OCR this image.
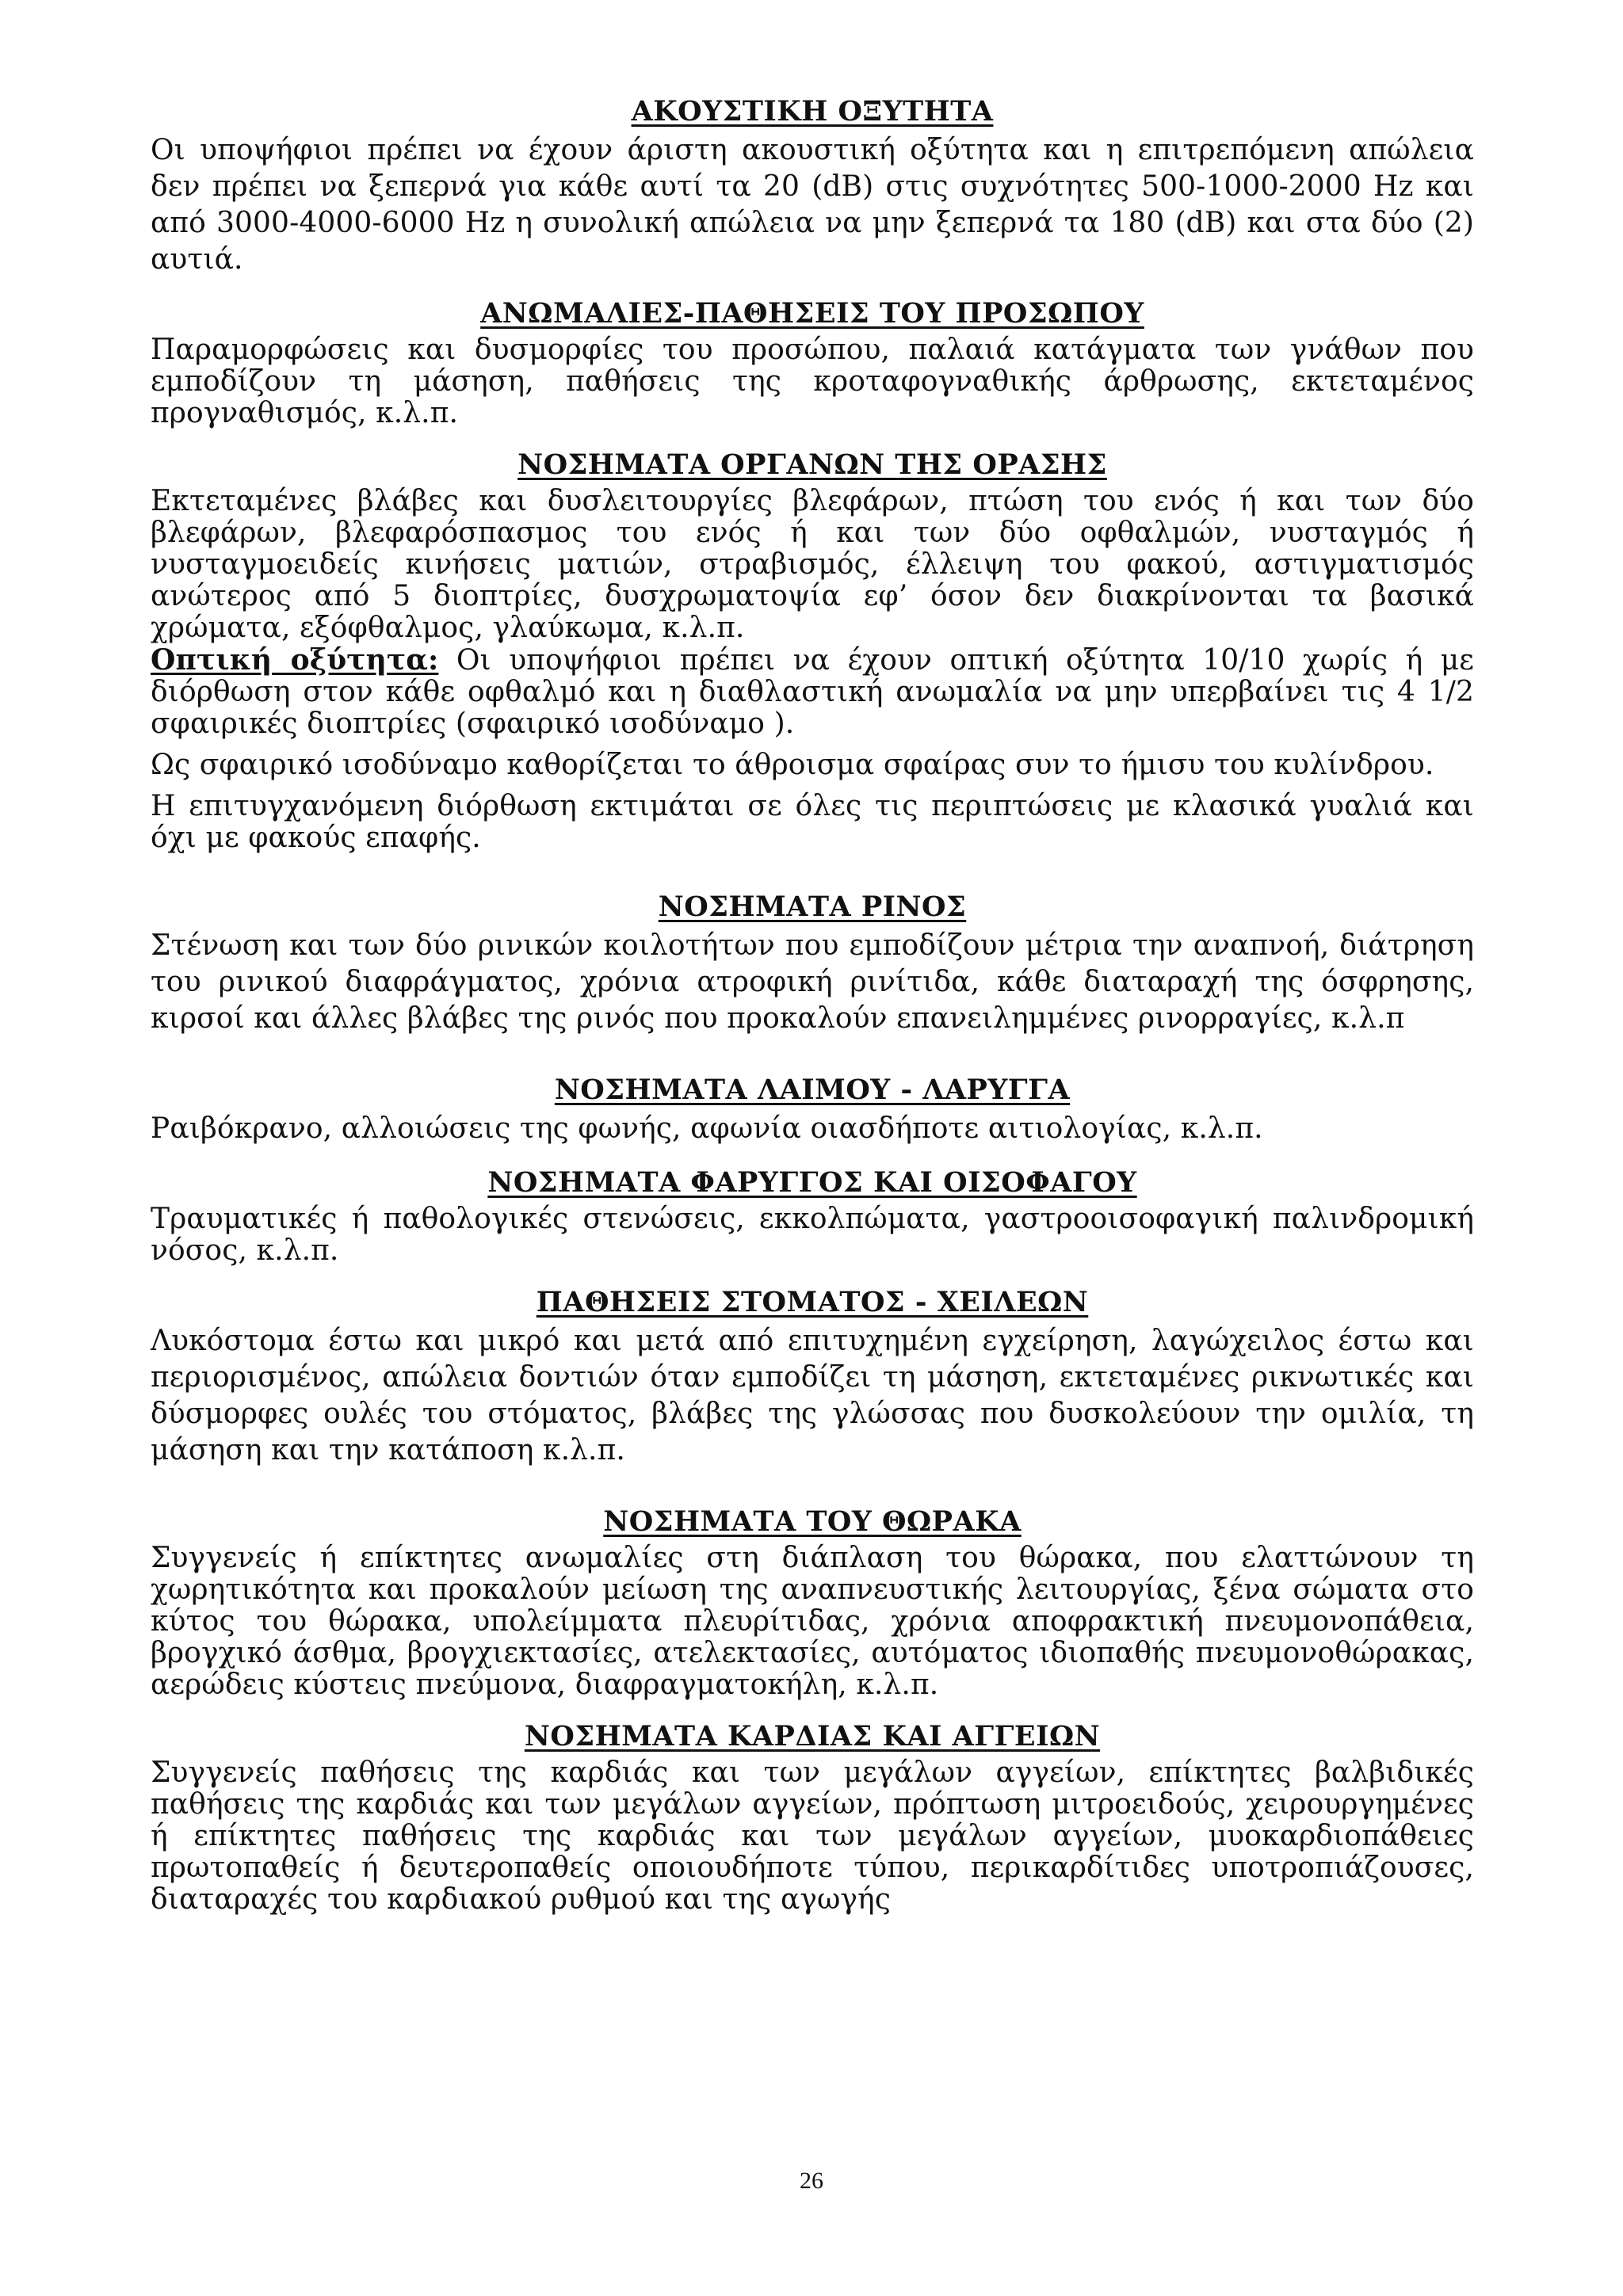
ΑΚΟΥΣΤΙΚΗ ΟΞΥΤΗΤΑ

Οι υποψήφιοι πρέπει να έχουν άριστη ακουστική οξύτητα και η επιτρεπόμενη απώλεια δεν πρέπει να ξεπερνά για κάθε αυτί τα 20 (dB) στις συχνότητες 500-1000-2000 Hz και από 3000-4000-6000 Hz η συνολική απώλεια να μην ξεπερνά τα 180 (dB) και στα δύο (2) αυτιά.

ΑΝΩΜΑΛΙΕΣ-ΠΑΘΗΣΕΙΣ ΤΟΥ ΠΡΟΣΩΠΟΥ

Παραμορφώσεις και δυσμορφίες του προσώπου, παλαιά κατάγματα των γνάθων που εμποδίζουν τη μάσηση, παθήσεις της κροταφογναθικής άρθρωσης, εκτεταμένος προγναθισμός, κ.λ.π.

ΝΟΣΗΜΑΤΑ ΟΡΓΑΝΩΝ ΤΗΣ ΟΡΑΣΗΣ

Εκτεταμένες βλάβες και δυσλειτουργίες βλεφάρων, πτώση του ενός ή και των δύο βλεφάρων, βλεφαρόσπασμος του ενός ή και των δύο οφθαλμών, νυσταγμός ή νυσταγμοειδείς κινήσεις ματιών, στραβισμός, έλλειψη του φακού, αστιγματισμός ανώτερος από 5 διοπτρίες, δυσχρωματοψία εφ’ όσον δεν διακρίνονται τα βασικά χρώματα, εξόφθαλμος, γλαύκωμα, κ.λ.π.

Οπτική οξύτητα: Οι υποψήφιοι πρέπει να έχουν οπτική οξύτητα 10/10 χωρίς ή με διόρθωση στον κάθε οφθαλμό και η διαθλαστική ανωμαλία να μην υπερβαίνει τις 4 1/2 σφαιρικές διοπτρίες (σφαιρικό ισοδύναμο ).

Ως σφαιρικό ισοδύναμο καθορίζεται το άθροισμα σφαίρας συν το ήμισυ του κυλίνδρου.

Η επιτυγχανόμενη διόρθωση εκτιμάται σε όλες τις περιπτώσεις με κλασικά γυαλιά και όχι με φακούς επαφής.

ΝΟΣΗΜΑΤΑ ΡΙΝΟΣ

Στένωση και των δύο ρινικών κοιλοτήτων που εμποδίζουν μέτρια την αναπνοή, διάτρηση του ρινικού διαφράγματος, χρόνια ατροφική ρινίτιδα, κάθε διαταραχή της όσφρησης, κιρσοί και άλλες βλάβες της ρινός που προκαλούν επανειλημμένες ρινορραγίες, κ.λ.π

ΝΟΣΗΜΑΤΑ ΛΑΙΜΟΥ - ΛΑΡΥΓΓΑ

Ραιβόκρανο, αλλοιώσεις της φωνής, αφωνία οιασδήποτε αιτιολογίας, κ.λ.π.

ΝΟΣΗΜΑΤΑ ΦΑΡΥΓΓΟΣ ΚΑΙ ΟΙΣΟΦΑΓΟΥ

Τραυματικές ή παθολογικές στενώσεις, εκκολπώματα, γαστροοισοφαγική παλινδρομική νόσος, κ.λ.π.

ΠΑΘΗΣΕΙΣ ΣΤΟΜΑΤΟΣ - ΧΕΙΛΕΩΝ

Λυκόστομα έστω και μικρό και μετά από επιτυχημένη εγχείρηση, λαγώχειλος έστω και περιορισμένος, απώλεια δοντιών όταν εμποδίζει τη μάσηση, εκτεταμένες ρικνωτικές και δύσμορφες ουλές του στόματος, βλάβες της γλώσσας που δυσκολεύουν την ομιλία, τη μάσηση και την κατάποση κ.λ.π.

ΝΟΣΗΜΑΤΑ ΤΟΥ ΘΩΡΑΚΑ

Συγγενείς ή επίκτητες ανωμαλίες στη διάπλαση του θώρακα, που ελαττώνουν τη χωρητικότητα και προκαλούν μείωση της αναπνευστικής λειτουργίας, ξένα σώματα στο κύτος του θώρακα, υπολείμματα πλευρίτιδας, χρόνια αποφρακτική πνευμονοπάθεια, βρογχικό άσθμα, βρογχιεκτασίες, ατελεκτασίες, αυτόματος ιδιοπαθής πνευμονοθώρακας, αερώδεις κύστεις πνεύμονα, διαφραγματοκήλη, κ.λ.π.

ΝΟΣΗΜΑΤΑ ΚΑΡΔΙΑΣ ΚΑΙ ΑΓΓΕΙΩΝ

Συγγενείς παθήσεις της καρδιάς και των μεγάλων αγγείων, επίκτητες βαλβιδικές παθήσεις της καρδιάς και των μεγάλων αγγείων, πρόπτωση μιτροειδούς, χειρουργημένες ή επίκτητες παθήσεις της καρδιάς και των μεγάλων αγγείων, μυοκαρδιοπάθειες πρωτοπαθείς ή δευτεροπαθείς οποιουδήποτε τύπου, περικαρδίτιδες υποτροπιάζουσες, διαταραχές του καρδιακού ρυθμού και της αγωγής

26
